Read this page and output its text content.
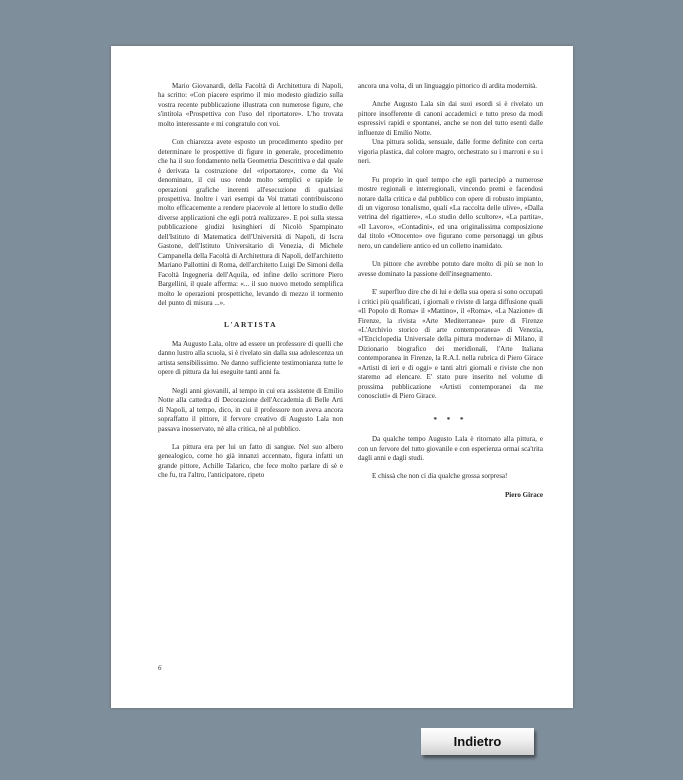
Mario Giovanardi, della Facoltà di Architettura di Napoli, ha scritto: «Con piacere esprimo il mio modesto giudizio sulla vostra recente pubblicazione illustrata con numerose figure, che s'intitola «Prospettiva con l'uso del riportatore». L'ho trovata molto interessante e mi congratulo con voi.

Con chiarezza avete esposto un procedimento spedito per determinare le prospettive di figure in generale, procedimento che ha il suo fondamento nella Geometria Descrittiva e dal quale è derivata la costruzione del «riportatore», come da Voi denominato, il cui uso rende molto semplici e rapide le operazioni grafiche inerenti all'esecuzione di qualsiasi prospettiva. Inoltre i vari esempi da Voi trattati contribuiscono molto efficacemente a rendere piacevole al lettore lo studio delle diverse applicazioni che egli potrà realizzare». E poi sulla stessa pubblicazione giudizi lusinghieri di Nicolò Spampinato dell'Istituto di Matematica dell'Università di Napoli, di Iscra Gastone, dell'Istituto Universitario di Venezia, di Michele Campanella della Facoltà di Architettura di Napoli, dell'architetto Mariano Pallottini di Roma, dell'architetto Luigi De Simoni della Facoltà Ingegneria dell'Aquila, ed infine dello scrittore Piero Bargellini, il quale afferma: «... il suo nuovo metodo semplifica molto le operazioni prospettiche, levando di mezzo il tormento del punto di misura ...».

L'ARTISTA

Ma Augusto Lala, oltre ad essere un professore di quelli che danno lustro alla scuola, si è rivelato sin dalla sua adolescenza un artista sensibilissimo. Ne danno sufficiente testimonianza tutte le opere di pittura da lui eseguite tanti anni fa.

Negli anni giovanili, al tempo in cui era assistente di Emilio Notte alla cattedra di Decorazione dell'Accademia di Belle Arti di Napoli, al tempo, dico, in cui il professore non aveva ancora sopraffatto il pittore, il fervore creativo di Augusto Lala non passava inosservato, nè alla critica, nè al pubblico.

La pittura era per lui un fatto di sangue. Nel suo albero genealogico, come ho già innanzi accennato, figura infatti un grande pittore, Achille Talarico, che fece molto parlare di sè e che fu, tra l'altro, l'anticipatore, ripeto

ancora una volta, di un linguaggio pittorico di ardita modernità.

Anche Augusto Lala sin dai suoi esordi si è rivelato un pittore insofferente di canoni accademici e tutto preso da modi espressivi rapidi e spontanei, anche se non del tutto esenti dalle influenze di Emilio Notte.

Una pittura solida, sensuale, dalle forme definite con certa vigoria plastica, dal colore magro, orchestrato su i marroni e su i neri.

Fu proprio in quel tempo che egli partecipò a numerose mostre regionali e interregionali, vincendo premi e facendosi notare dalla critica e dal pubblico con opere di robusto impianto, di un vigoroso tonalismo, quali «La raccolta delle ulive», «Dalla vetrina del rigattiere», «Lo studio dello scultore», «La partita», «Il Lavoro», «Contadini», ed una originalissima composizione dal titolo «Ottocento» ove figurano come personaggi un gibus nero, un candeliere antico ed un colletto inamidato.

Un pittore che avrebbe potuto dare molto di più se non lo avesse dominato la passione dell'insegnamento.

E' superfluo dire che di lui e della sua opera si sono occupati i critici più qualificati, i giornali e riviste di larga diffusione quali «Il Popolo di Roma» il «Mattino», il «Roma», «La Nazione» di Firenze, la rivista «Arte Mediterranea» pure di Firenze «L'Archivio storico di arte contemporanea» di Venezia, «l'Enciclopedia Universale della pittura moderna» di Milano, il Dizionario biografico dei meridionali, l'Arte Italiana contemporanea in Firenze, la R.A.I. nella rubrica di Piero Girace «Artisti di ieri e di oggi» e tanti altri giornali e riviste che non staremo ad elencare. E' stato pure inserito nel volume di prossima pubblicazione «Artisti contemporanei da me conosciuti» di Piero Girace.

* * *

Da qualche tempo Augusto Lala è ritornato alla pittura, e con un fervore del tutto giovanile e con esperienza ormai sca'trita dagli anni e dagli studi.

E chissà che non ci dia qualche grossa sorpresa!

Piero Girace
6
Indietro
